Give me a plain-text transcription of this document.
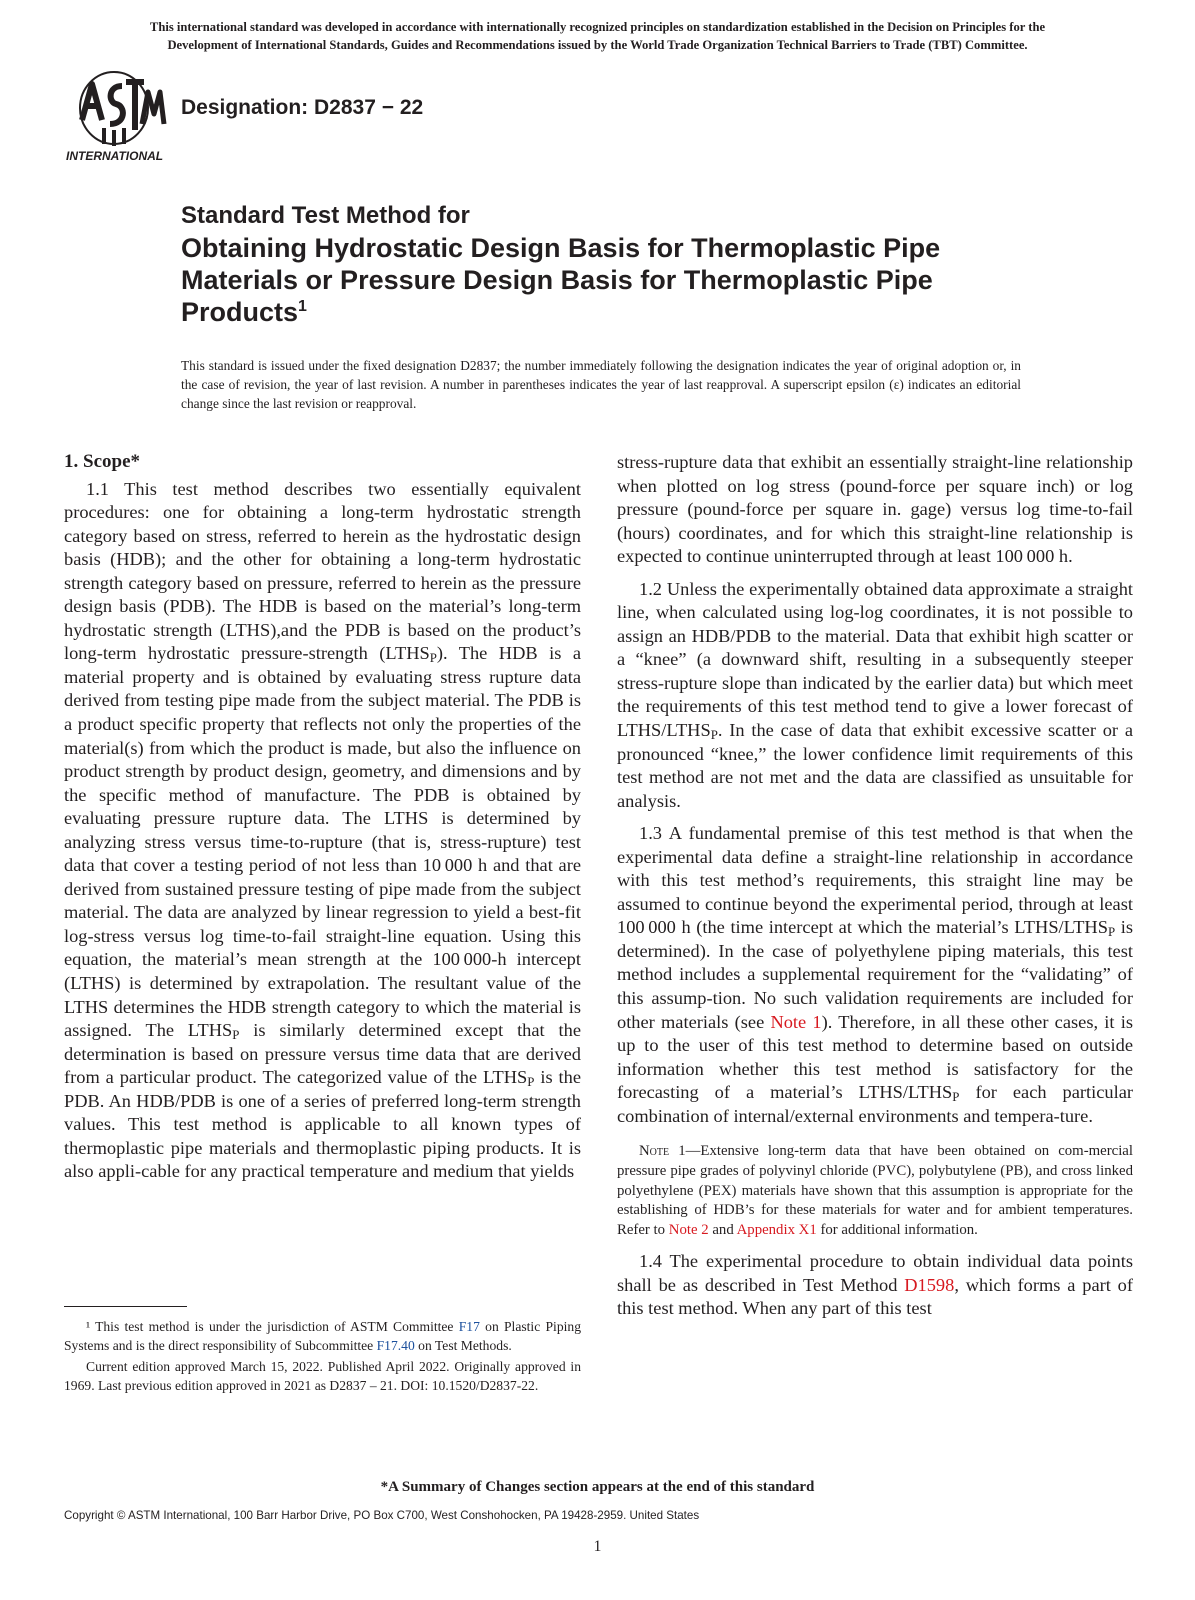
This international standard was developed in accordance with internationally recognized principles on standardization established in the Decision on Principles for the
Development of International Standards, Guides and Recommendations issued by the World Trade Organization Technical Barriers to Trade (TBT) Committee.
INTERNATIONAL
Designation: D2837 − 22
Standard Test Method for
Obtaining Hydrostatic Design Basis for Thermoplastic Pipe
Materials or Pressure Design Basis for Thermoplastic Pipe
Products$^1$
This standard is issued under the fixed designation D2837; the number immediately following the designation indicates the year of original adoption or, in the case of revision, the year of last revision. A number in parentheses indicates the year of last reapproval. A superscript epsilon (ε) indicates an editorial change since the last revision or reapproval.
1. Scope*

1.1 This test method describes two essentially equivalent procedures: one for obtaining a long-term hydrostatic strength category based on stress, referred to herein as the hydrostatic design basis (HDB); and the other for obtaining a long-term hydrostatic strength category based on pressure, referred to herein as the pressure design basis (PDB). The HDB is based on the material’s long-term hydrostatic strength (LTHS),and the PDB is based on the product’s long-term hydrostatic pressure-strength $(LTHS_P)$. The HDB is a material property and is obtained by evaluating stress rupture data derived from testing pipe made from the subject material. The PDB is a product specific property that reflects not only the properties of the material(s) from which the product is made, but also the influence on product strength by product design, geometry, and dimensions and by the specific method of manufacture. The PDB is obtained by evaluating pressure rupture data. The LTHS is determined by analyzing stress versus time-to-rupture (that is, stress-rupture) test data that cover a testing period of not less than 10 000 h and that are derived from sustained pressure testing of pipe made from the subject material. The data are analyzed by linear regression to yield a best-fit log-stress versus log time-to-fail straight-line equation. Using this equation, the material’s mean strength at the 100 000-h intercept (LTHS) is determined by extrapolation. The resultant value of the LTHS determines the HDB strength category to which the material is assigned. The $LTHS_P$ is similarly determined except that the determination is based on pressure versus time data that are derived from a particular product. The categorized value of the $LTHS_P$ is the PDB. An HDB/PDB is one of a series of preferred long-term strength values. This test method is applicable to all known types of thermoplastic pipe materials and thermoplastic piping products. It is also appli-cable for any practical temperature and medium that yields

¹ This test method is under the jurisdiction of ASTM Committee F17 on Plastic Piping Systems and is the direct responsibility of Subcommittee F17.40 on Test Methods.

Current edition approved March 15, 2022. Published April 2022. Originally approved in 1969. Last previous edition approved in 2021 as D2837 – 21. DOI: 10.1520/D2837-22.

stress-rupture data that exhibit an essentially straight-line relationship when plotted on log stress (pound-force per square inch) or log pressure (pound-force per square in. gage) versus log time-to-fail (hours) coordinates, and for which this straight-line relationship is expected to continue uninterrupted through at least 100 000 h.

1.2 Unless the experimentally obtained data approximate a straight line, when calculated using log-log coordinates, it is not possible to assign an HDB/PDB to the material. Data that exhibit high scatter or a “knee” (a downward shift, resulting in a subsequently steeper stress-rupture slope than indicated by the earlier data) but which meet the requirements of this test method tend to give a lower forecast of LTHS/$LTHS_P$. In the case of data that exhibit excessive scatter or a pronounced “knee,” the lower confidence limit requirements of this test method are not met and the data are classified as unsuitable for analysis.

1.3 A fundamental premise of this test method is that when the experimental data define a straight-line relationship in accordance with this test method’s requirements, this straight line may be assumed to continue beyond the experimental period, through at least 100 000 h (the time intercept at which the material’s LTHS/$LTHS_P$ is determined). In the case of polyethylene piping materials, this test method includes a supplemental requirement for the “validating” of this assump-tion. No such validation requirements are included for other materials (see Note 1). Therefore, in all these other cases, it is up to the user of this test method to determine based on outside information whether this test method is satisfactory for the forecasting of a material’s LTHS/$LTHS_P$ for each particular combination of internal/external environments and tempera-ture.

Note 1—Extensive long-term data that have been obtained on com-mercial pressure pipe grades of polyvinyl chloride (PVC), polybutylene (PB), and cross linked polyethylene (PEX) materials have shown that this assumption is appropriate for the establishing of HDB’s for these materials for water and for ambient temperatures. Refer to Note 2 and Appendix X1 for additional information.

1.4 The experimental procedure to obtain individual data points shall be as described in Test Method D1598, which forms a part of this test method. When any part of this test

*A Summary of Changes section appears at the end of this standard
Copyright © ASTM International, 100 Barr Harbor Drive, PO Box C700, West Conshohocken, PA 19428-2959. United States
1
